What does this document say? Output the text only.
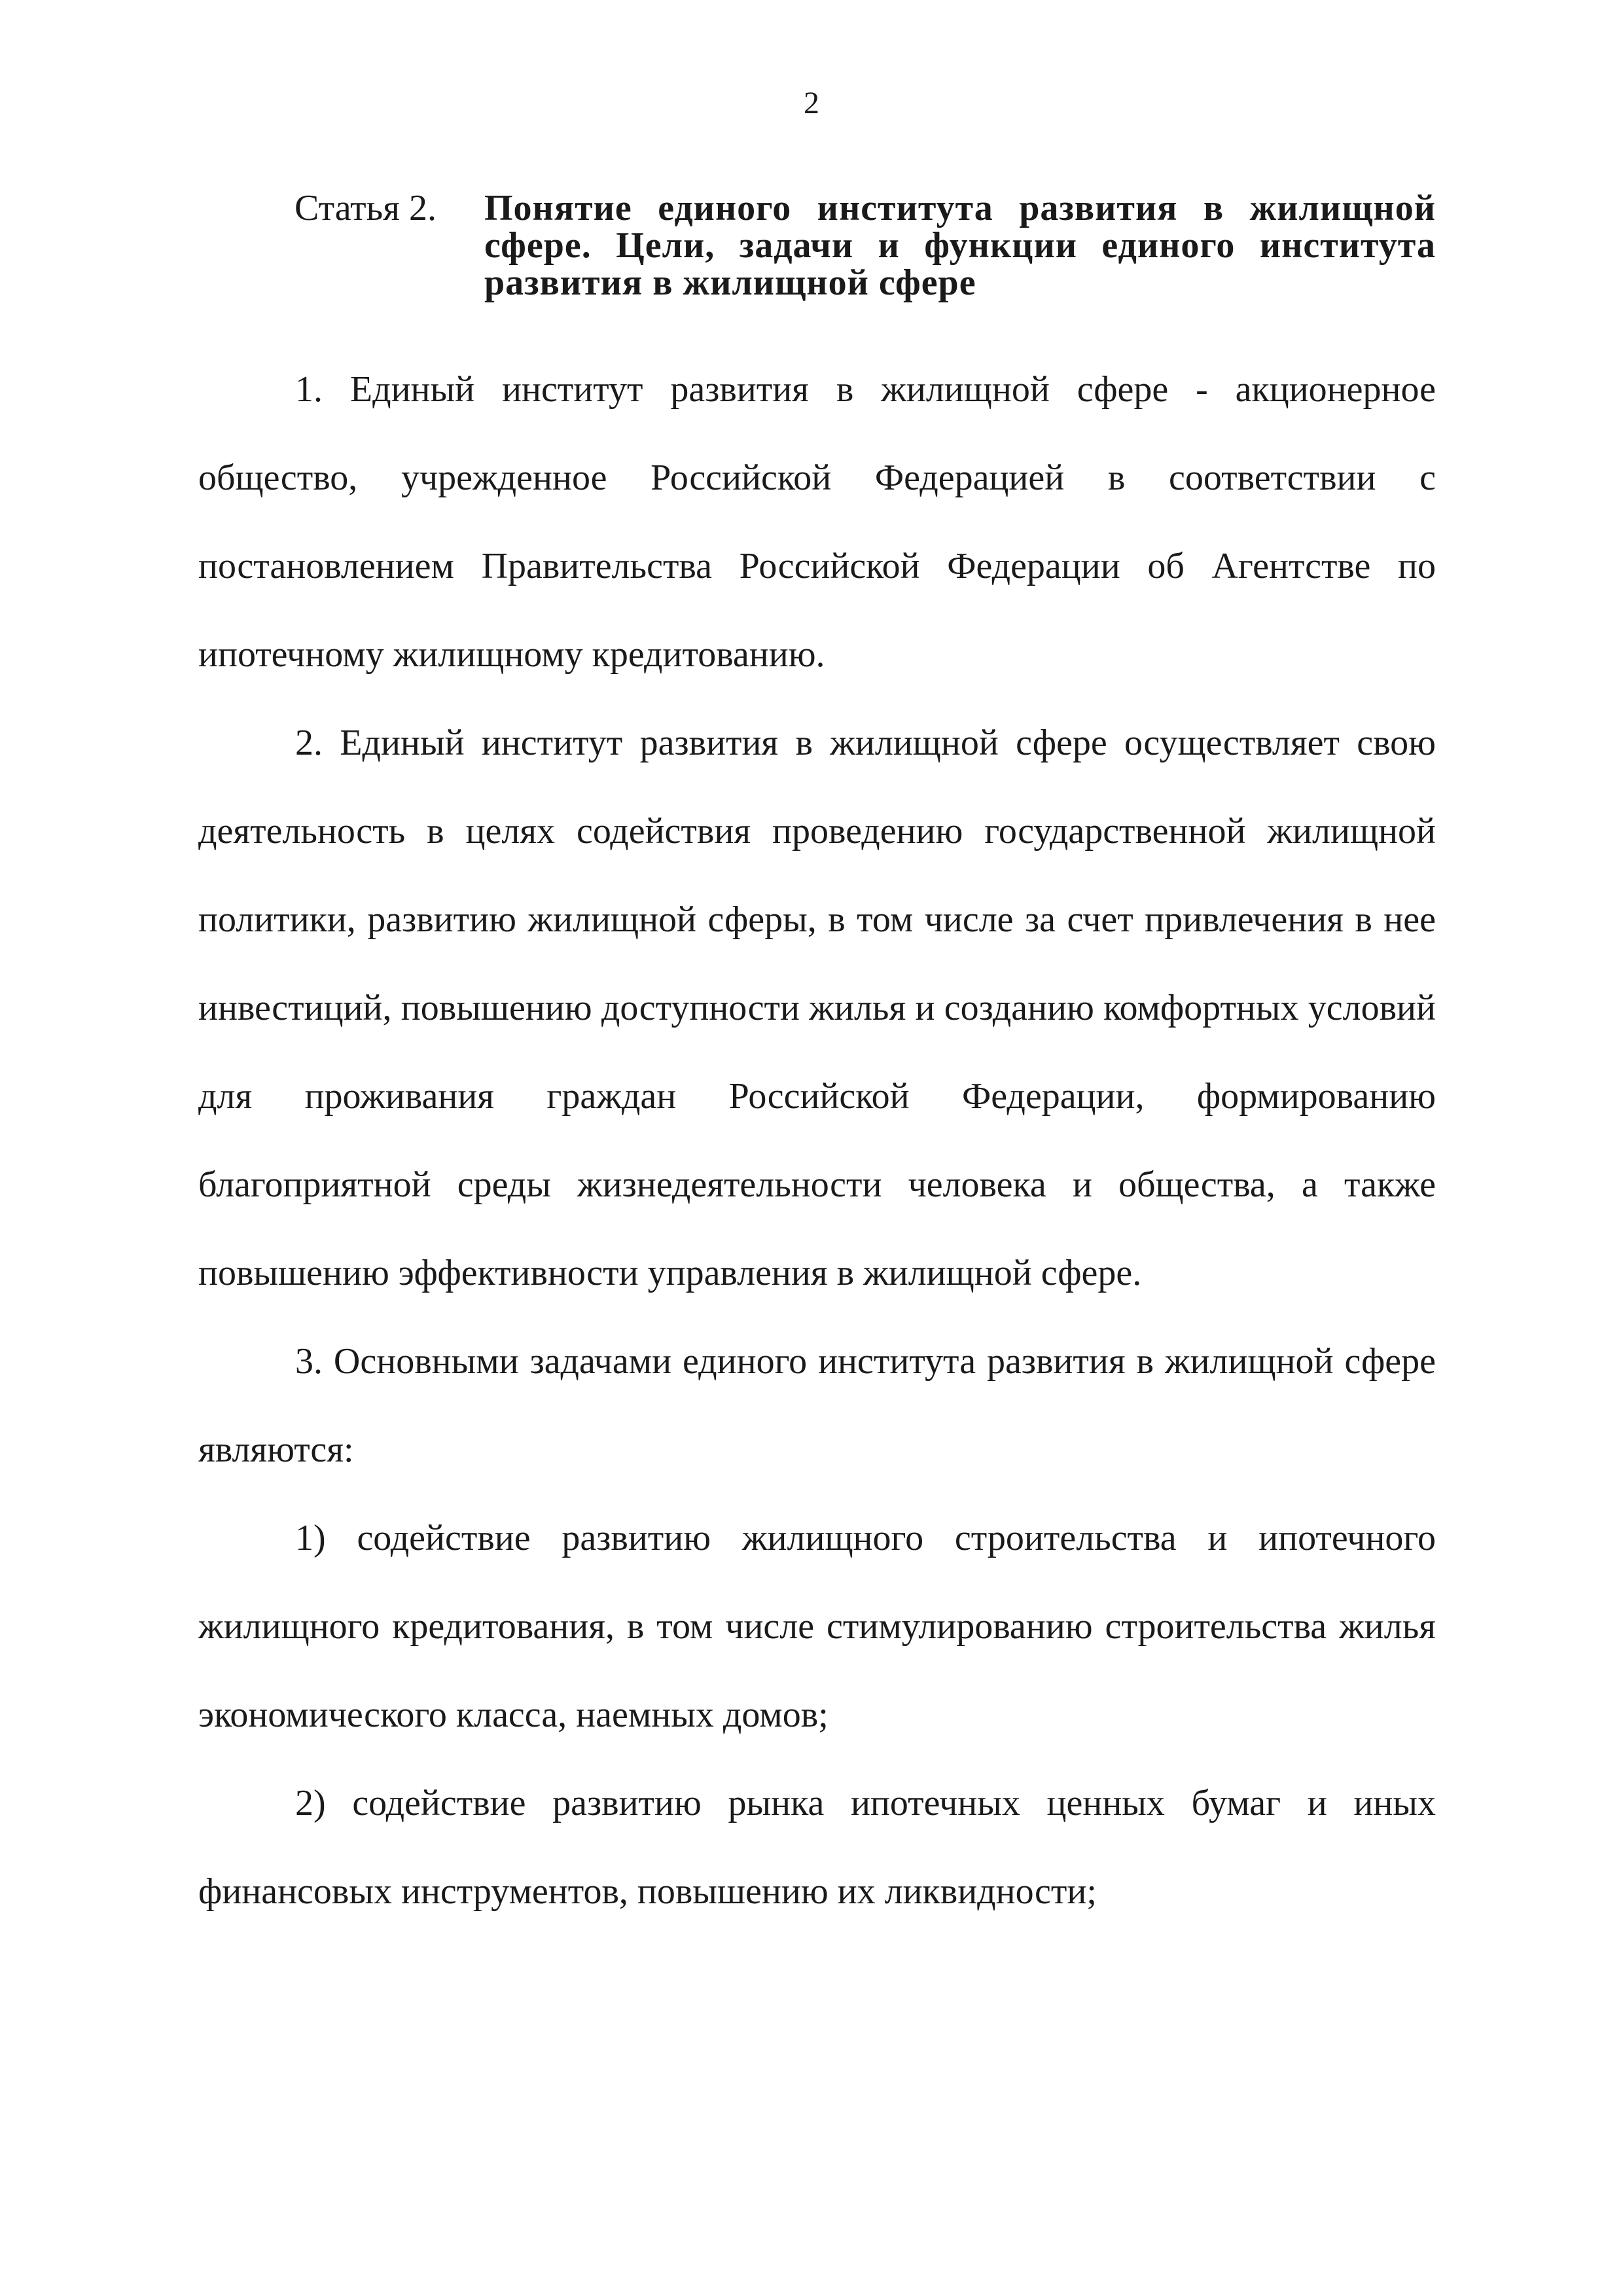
2
Статья 2.	Понятие единого института развития в жилищной сфере. Цели, задачи и функции единого института развития в жилищной сфере

1. Единый институт развития в жилищной сфере - акционерное общество, учрежденное Российской Федерацией в соответствии с постановлением Правительства Российской Федерации об Агентстве по ипотечному жилищному кредитованию.

2. Единый институт развития в жилищной сфере осуществляет свою деятельность в целях содействия проведению государственной жилищной политики, развитию жилищной сферы, в том числе за счет привлечения в нее инвестиций, повышению доступности жилья и созданию комфортных условий для проживания граждан Российской Федерации, формированию благоприятной среды жизнедеятельности человека и общества, а также повышению эффективности управления в жилищной сфере.

3. Основными задачами единого института развития в жилищной сфере являются:

1) содействие развитию жилищного строительства и ипотечного жилищного кредитования, в том числе стимулированию строительства жилья экономического класса, наемных домов;

2) содействие развитию рынка ипотечных ценных бумаг и иных финансовых инструментов, повышению их ликвидности;
